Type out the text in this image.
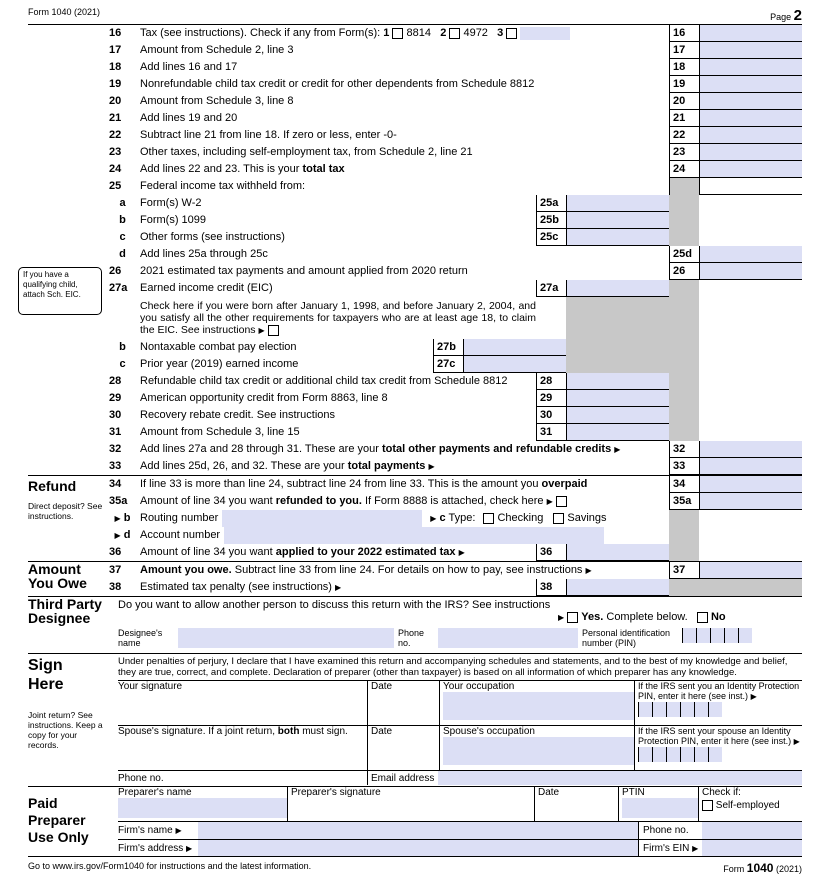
Form 1040 (2021)	Page 2
16	Tax (see instructions). Check if any from Form(s): 1 8814 2 4972 3	16
17	Amount from Schedule 2, line 3	17
18	Add lines 16 and 17	18
19	Nonrefundable child tax credit or credit for other dependents from Schedule 8812	19
20	Amount from Schedule 3, line 8	20
21	Add lines 19 and 20	21
22	Subtract line 21 from line 18. If zero or less, enter -0-	22
23	Other taxes, including self-employment tax, from Schedule 2, line 21	23
24	Add lines 22 and 23. This is your total tax	24
25	Federal income tax withheld from:
a	Form(s) W-2	25a
b	Form(s) 1099	25b
c	Other forms (see instructions)	25c
d	Add lines 25a through 25c	25d
26	2021 estimated tax payments and amount applied from 2020 return	26
27a	Earned income credit (EIC)	27a
Check here if you were born after January 1, 1998, and before January 2, 2004, and you satisfy all the other requirements for taxpayers who are at least age 18, to claim the EIC. See instructions ▶
b	Nontaxable combat pay election	27b
c	Prior year (2019) earned income	27c
28	Refundable child tax credit or additional child tax credit from Schedule 8812	28
29	American opportunity credit from Form 8863, line 8	29
30	Recovery rebate credit. See instructions	30
31	Amount from Schedule 3, line 15	31
32	Add lines 27a and 28 through 31. These are your total other payments and refundable credits ▶	32
33	Add lines 25d, 26, and 32. These are your total payments ▶	33
If you have a qualifying child, attach Sch. EIC.
Refund
Direct deposit? See instructions.
34	If line 33 is more than line 24, subtract line 24 from line 33. This is the amount you overpaid	34
35a	Amount of line 34 you want refunded to you. If Form 8888 is attached, check here ▶	35a
▶ b Routing number ▶	c Type:	Checking	Savings
▶ d Account number
36	Amount of line 34 you want applied to your 2022 estimated tax ▶	36
Amount
You Owe
37	Amount you owe. Subtract line 33 from line 24. For details on how to pay, see instructions ▶	37
38	Estimated tax penalty (see instructions) ▶	38
Third Party
Designee
Do you want to allow another person to discuss this return with the IRS? See instructions
▶  Yes. Complete below. No
Designee's name
Phone no.
Personal identification number (PIN)
Sign
Here
Joint return? See instructions. Keep a copy for your records.
Under penalties of perjury, I declare that I have examined this return and accompanying schedules and statements, and to the best of my knowledge and belief, they are true, correct, and complete. Declaration of preparer (other than taxpayer) is based on all information of which preparer has any knowledge.
Your signature	Date	Your occupation	If the IRS sent you an Identity Protection PIN, enter it here (see inst.) ▶
Spouse's signature. If a joint return, both must sign.	Date	Spouse's occupation	If the IRS sent your spouse an Identity Protection PIN, enter it here (see inst.) ▶
Phone no.	Email address
Paid
Preparer
Use Only
Preparer's name	Preparer's signature	Date	PTIN	Check if:
Self-employed
Firm's name ▶	Phone no.
Firm's address ▶	Firm's EIN ▶
Go to www.irs.gov/Form1040 for instructions and the latest information.	Form 1040 (2021)
